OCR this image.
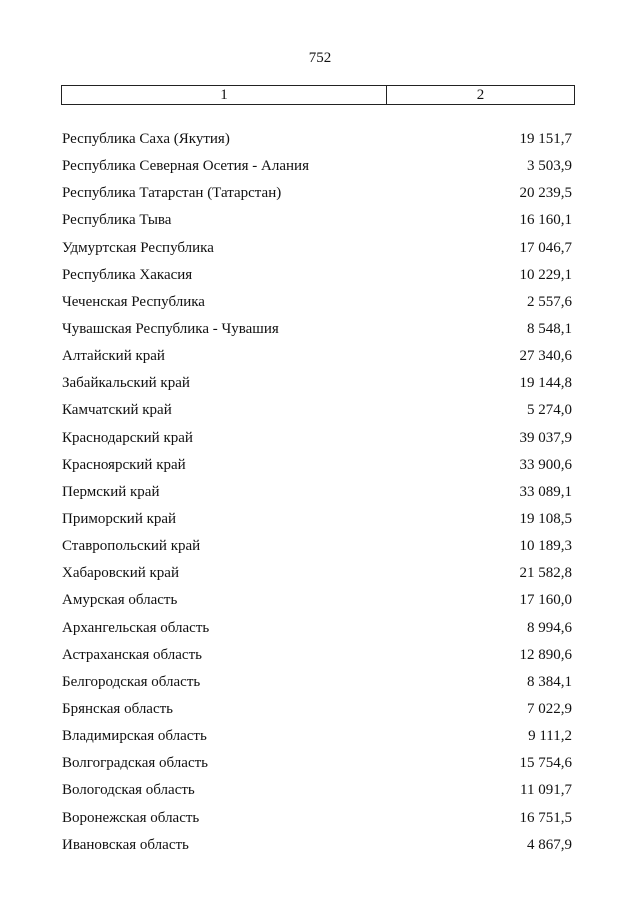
752
1	2
Республика Саха (Якутия)	19 151,7
Республика Северная Осетия - Алания	3 503,9
Республика Татарстан (Татарстан)	20 239,5
Республика Тыва	16 160,1
Удмуртская Республика	17 046,7
Республика Хакасия	10 229,1
Чеченская Республика	2 557,6
Чувашская Республика - Чувашия	8 548,1
Алтайский край	27 340,6
Забайкальский край	19 144,8
Камчатский край	5 274,0
Краснодарский край	39 037,9
Красноярский край	33 900,6
Пермский край	33 089,1
Приморский край	19 108,5
Ставропольский край	10 189,3
Хабаровский край	21 582,8
Амурская область	17 160,0
Архангельская область	8 994,6
Астраханская область	12 890,6
Белгородская область	8 384,1
Брянская область	7 022,9
Владимирская область	9 111,2
Волгоградская область	15 754,6
Вологодская область	11 091,7
Воронежская область	16 751,5
Ивановская область	4 867,9
